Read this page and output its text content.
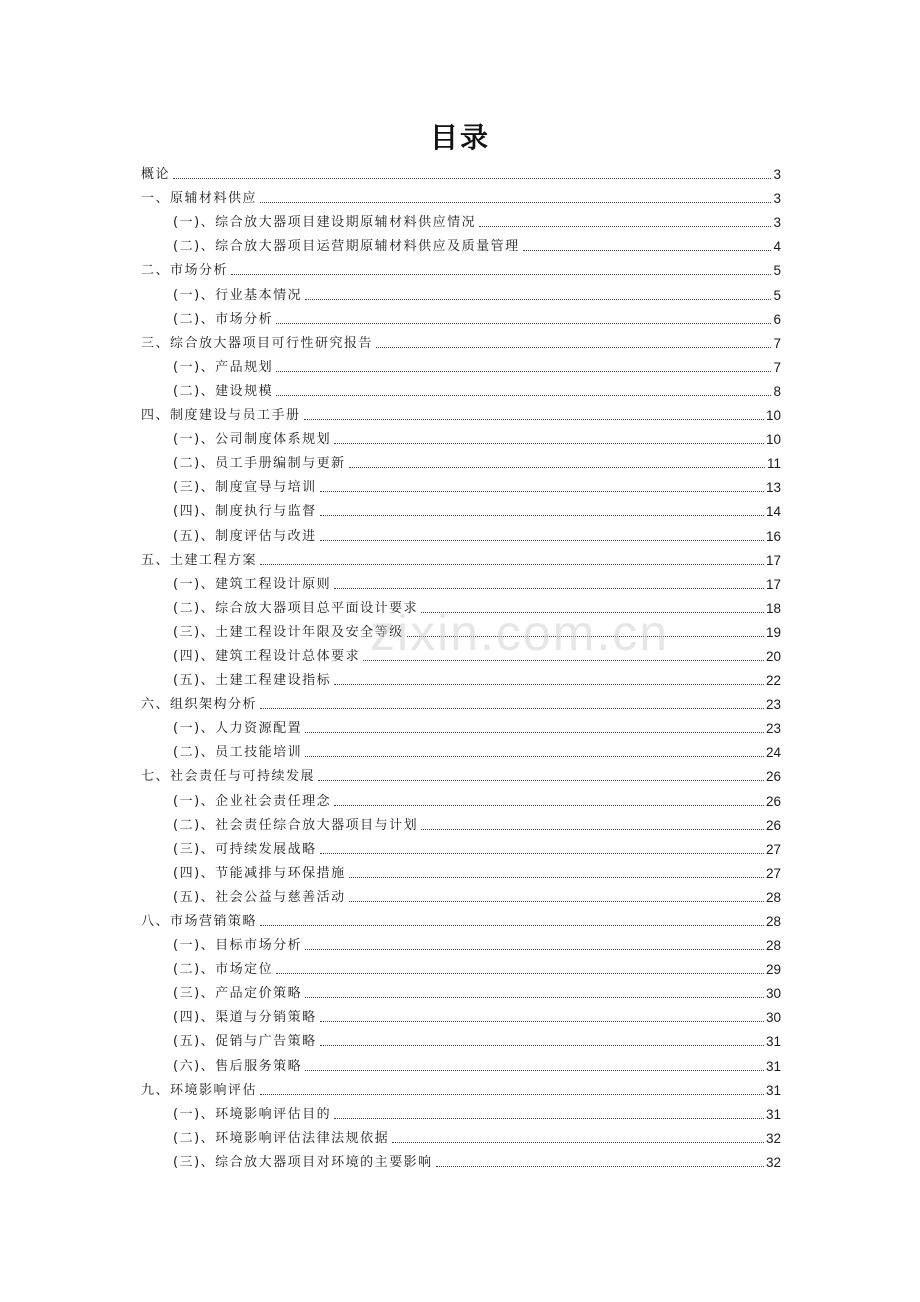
目录
概论	3
一、原辅材料供应	3
(一)、综合放大器项目建设期原辅材料供应情况	3
(二)、综合放大器项目运营期原辅材料供应及质量管理	4
二、市场分析	5
(一)、行业基本情况	5
(二)、市场分析	6
三、综合放大器项目可行性研究报告	7
(一)、产品规划	7
(二)、建设规模	8
四、制度建设与员工手册	10
(一)、公司制度体系规划	10
(二)、员工手册编制与更新	11
(三)、制度宣导与培训	13
(四)、制度执行与监督	14
(五)、制度评估与改进	16
五、土建工程方案	17
(一)、建筑工程设计原则	17
(二)、综合放大器项目总平面设计要求	18
(三)、土建工程设计年限及安全等级	19
(四)、建筑工程设计总体要求	20
(五)、土建工程建设指标	22
六、组织架构分析	23
(一)、人力资源配置	23
(二)、员工技能培训	24
七、社会责任与可持续发展	26
(一)、企业社会责任理念	26
(二)、社会责任综合放大器项目与计划	26
(三)、可持续发展战略	27
(四)、节能减排与环保措施	27
(五)、社会公益与慈善活动	28
八、市场营销策略	28
(一)、目标市场分析	28
(二)、市场定位	29
(三)、产品定价策略	30
(四)、渠道与分销策略	30
(五)、促销与广告策略	31
(六)、售后服务策略	31
九、环境影响评估	31
(一)、环境影响评估目的	31
(二)、环境影响评估法律法规依据	32
(三)、综合放大器项目对环境的主要影响	32
zixin.com.cn
